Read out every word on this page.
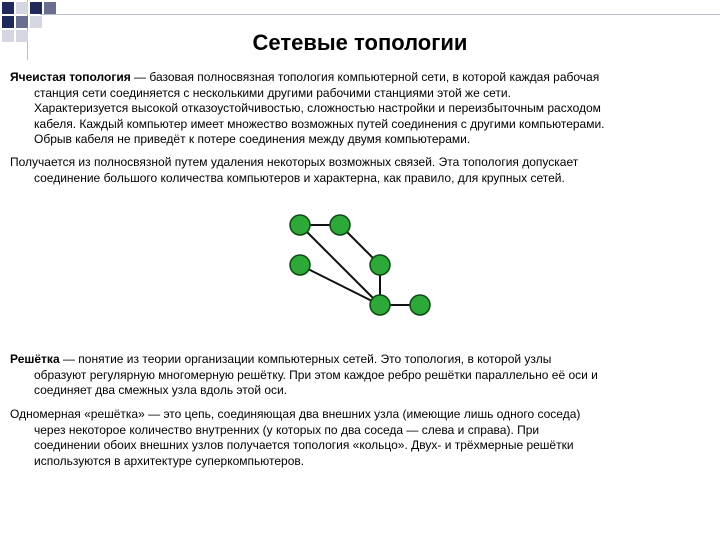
Сетевые топологии

Ячеистая топология — базовая полносвязная топология компьютерной сети, в которой каждая рабочая
станция сети соединяется с несколькими другими рабочими станциями этой же сети.
Характеризуется высокой отказоустойчивостью, сложностью настройки и переизбыточным расходом
кабеля. Каждый компьютер имеет множество возможных путей соединения с другими компьютерами.
Обрыв кабеля не приведёт к потере соединения между двумя компьютерами.

Получается из полносвязной путем удаления некоторых возможных связей. Эта топология допускает
соединение большого количества компьютеров и характерна, как правило, для крупных сетей.

Решётка — понятие из теории организации компьютерных сетей. Это топология, в которой узлы
образуют регулярную многомерную решётку. При этом каждое ребро решётки параллельно её оси и
соединяет два смежных узла вдоль этой оси.

Одномерная «решётка» — это цепь, соединяющая два внешних узла (имеющие лишь одного соседа)
через некоторое количество внутренних (у которых по два соседа — слева и справа). При
соединении обоих внешних узлов получается топология «кольцо». Двух- и трёхмерные решётки
используются в архитектуре суперкомпьютеров.
